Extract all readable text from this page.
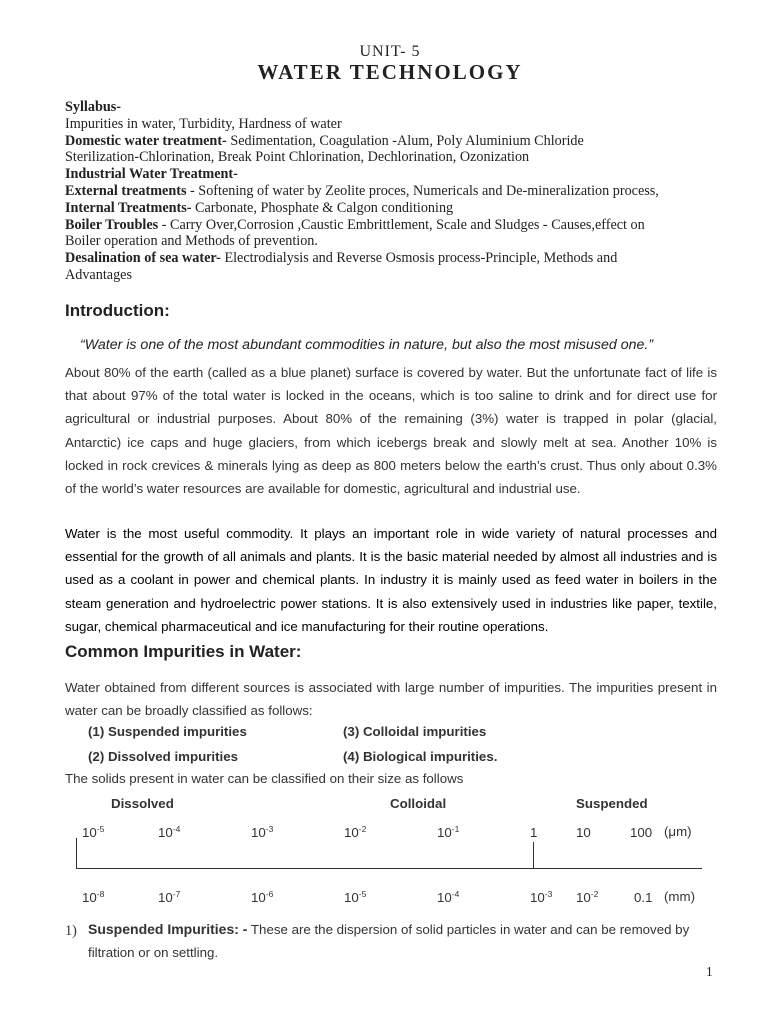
UNIT- 5
WATER TECHNOLOGY
Syllabus-
Impurities in water, Turbidity, Hardness of water
Domestic water treatment- Sedimentation, Coagulation -Alum, Poly Aluminium Chloride
Sterilization-Chlorination, Break Point Chlorination, Dechlorination, Ozonization
Industrial Water Treatment-
External treatments - Softening of water by Zeolite proces, Numericals and De-mineralization process,
Internal Treatments- Carbonate, Phosphate & Calgon conditioning
Boiler Troubles - Carry Over,Corrosion ,Caustic Embrittlement, Scale and Sludges - Causes,effect on
Boiler operation and Methods of prevention.
Desalination of sea water- Electrodialysis and Reverse Osmosis process-Principle, Methods and
Advantages
Introduction:
“Water is one of the most abundant commodities in nature, but also the most misused one.”
About 80% of the earth (called as a blue planet) surface is covered by water. But the unfortunate fact of life is that about 97% of the total water is locked in the oceans, which is too saline to drink and for direct use for agricultural or industrial purposes. About 80% of the remaining (3%) water is trapped in polar (glacial, Antarctic) ice caps and huge glaciers, from which icebergs break and slowly melt at sea. Another 10% is locked in rock crevices & minerals lying as deep as 800 meters below the earth’s crust. Thus only about 0.3% of the world’s water resources are available for domestic, agricultural and industrial use.
Water is the most useful commodity. It plays an important role in wide variety of natural processes and essential for the growth of all animals and plants. It is the basic material needed by almost all industries and is used as a coolant in power and chemical plants. In industry it is mainly used as feed water in boilers in the steam generation and hydroelectric power stations. It is also extensively used in industries like paper, textile, sugar, chemical pharmaceutical and ice manufacturing for their routine operations.
Common Impurities in Water:
Water obtained from different sources is associated with large number of impurities. The impurities present in water can be broadly classified as follows:
(1) Suspended impurities	(3) Colloidal impurities
(2) Dissolved impurities	(4) Biological impurities.
The solids present in water can be classified on their size as follows
Dissolved	Colloidal	Suspended
$10^{-5}$	$10^{-4}$	$10^{-3}$	$10^{-2}$	$10^{-1}$	1	10	100 (μm)
$10^{-8}$	$10^{-7}$	$10^{-6}$	$10^{-5}$	$10^{-4}$	$10^{-3}$ $10^{-2}$	0.1 (mm)
1) Suspended Impurities: - These are the dispersion of solid particles in water and can be removed by filtration or on settling.
1
